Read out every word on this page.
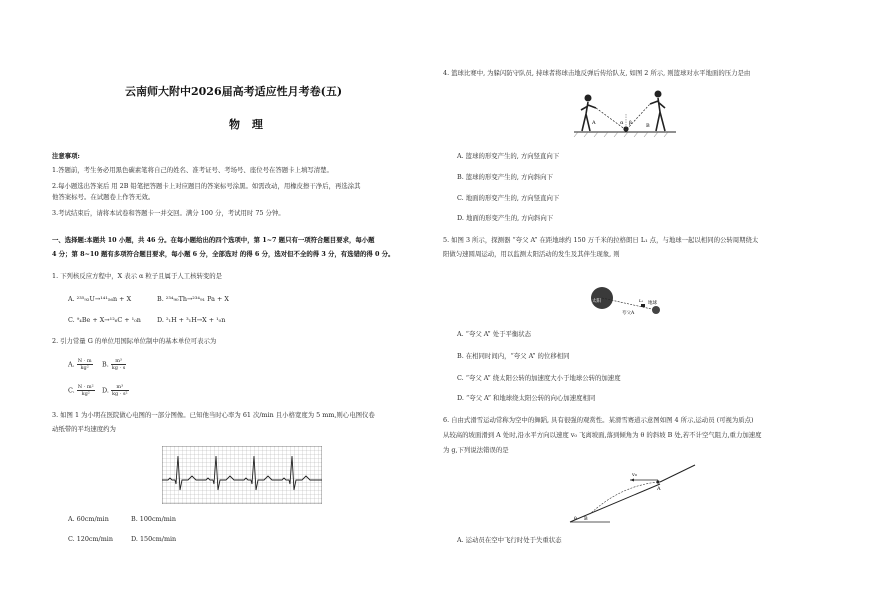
云南师大附中2026届高考适应性月考卷(五)
物 理
注意事项:
1.答题前，考生务必用黑色碳素笔将自己的姓名、准考证号、考场号、座位号在答题卡上填写清楚。
2.每小题选出答案后 用 2B 铅笔把答题卡上对应题目的答案标号涂黑。如需改动，用橡皮擦干净后，再选涂其
他答案标号。在试题卷上作答无效。
3.考试结束后，请将本试卷和答题卡一并交回。满分 100 分，考试用时 75 分钟。
一、选择题:本题共 10 小题，共 46 分。在每小题给出的四个选项中，第 1~7 题只有一项符合题目要求，每小题
4 分；第 8~10 题有多项符合题目要求，每小题 6 分，全部选对 的得 6 分，选对但不全的得 3 分，有选错的得 0 分。
1. 下列核反应方程中，X 表示 α 粒子且属于人工核转变的是
A. ²³⁵₉₂U→¹⁴¹₅₆n + X	B. ²³⁴₉₀Th→²³⁴₉₁ Pa + X
C. ⁹₄Be + X→¹²₆C + ¹₀n	D. ²₁H + ³₁H→X + ¹₀n
2. 引力常量 G 的单位用国际单位制中的基本单位可表示为
A. $\frac{N \cdot m}{\text{kg²}} B$. $\frac{\text{m³}}{kg \cdot s}$
C. $\frac{\text{N · m²}}{\text{kg²}} D$. $\frac{\text{m³}}{\text{kg · s²}}$
3. 如图 1 为小明在医院做心电图的一部分图像。已知他当时心率为 61 次/min 且小格宽度为 5 mm,则心电图仪卷
动纸带的平均速度约为
A. 60cm/min	B. 100cm/min
C. 120cm/min	D. 150cm/min
4. 篮球比赛中, 为躲闪防守队员, 持球者将球击地反弹后传给队友, 如图 2 所示, 则篮球对水平地面的压力是由
A	B
α β
A. 篮球的形变产生的, 方向竖直向下
B. 篮球的形变产生的, 方向斜向下
C. 地面的形变产生的, 方向竖直向下
D. 地面的形变产生的, 方向斜向下
5. 如图 3 所示，探测器 “夸父 A” 在距地球约 150 万千米的拉格朗日 L₁ 点，与地球一起以相同的公转周期绕太
阳做匀速圆周运动，用以监测太阳活动的发生及其伴生现象, 则
太阳	地球
L₁
夸父A
A. “夸父 A” 处于平衡状态
B. 在相同时间内，“夸父 A” 的位移相同
C. “夸父 A” 绕太阳公转的加速度大小于地球公转的加速度
D. “夸父 A” 和地球绕太阳公转的向心加速度相同
6. 自由式滑雪运动常称为空中的舞蹈, 具有很强的观赏性。某滑雪赛道示意图如图 4 所示,运动员 (可视为质点)
从较高的坡面滑到 A 处时,沿水平方向以速度 v₀ 飞离坡面,落到倾角为 θ 的斜坡 B 处,若不计空气阻力,重力加速度
为 g,下列说法错误的是
v₀
A
B
θ
A. 运动员在空中飞行时处于失重状态
